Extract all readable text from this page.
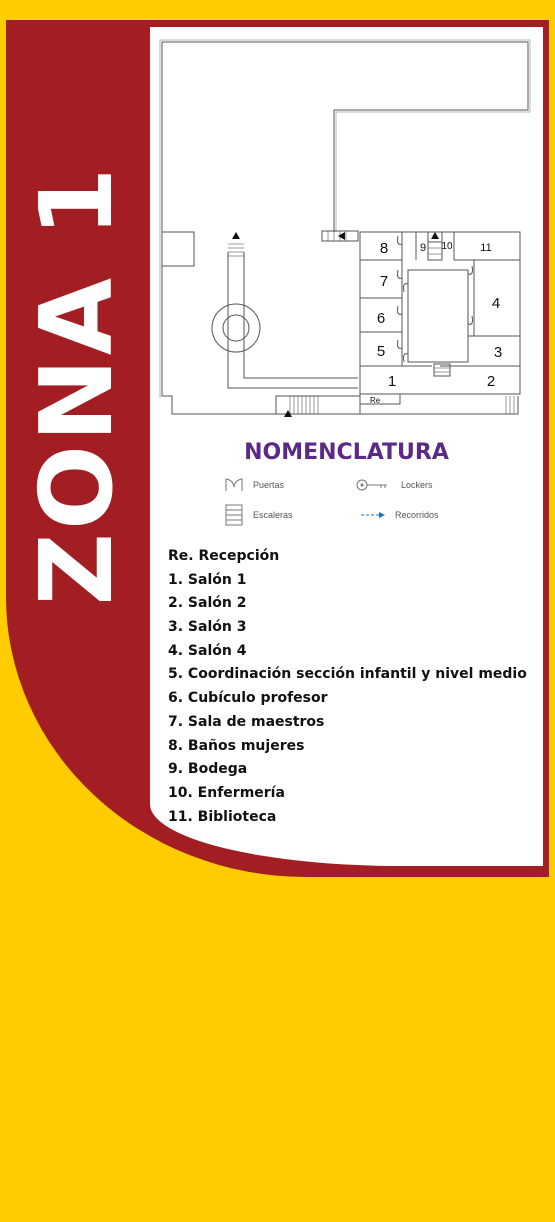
ZONA 1	8	9 10	11
7
6
5
4
3
1	2
Re
NOMENCLATURA
Puertas	Lockers
Escaleras	Recorridos
Re. Recepción
1. Salón 1
2. Salón 2
3. Salón 3
4. Salón 4
5. Coordinación sección infantil y nivel medio
6. Cubículo profesor
7. Sala de maestros
8. Baños mujeres
9. Bodega
10. Enfermería
11. Biblioteca
